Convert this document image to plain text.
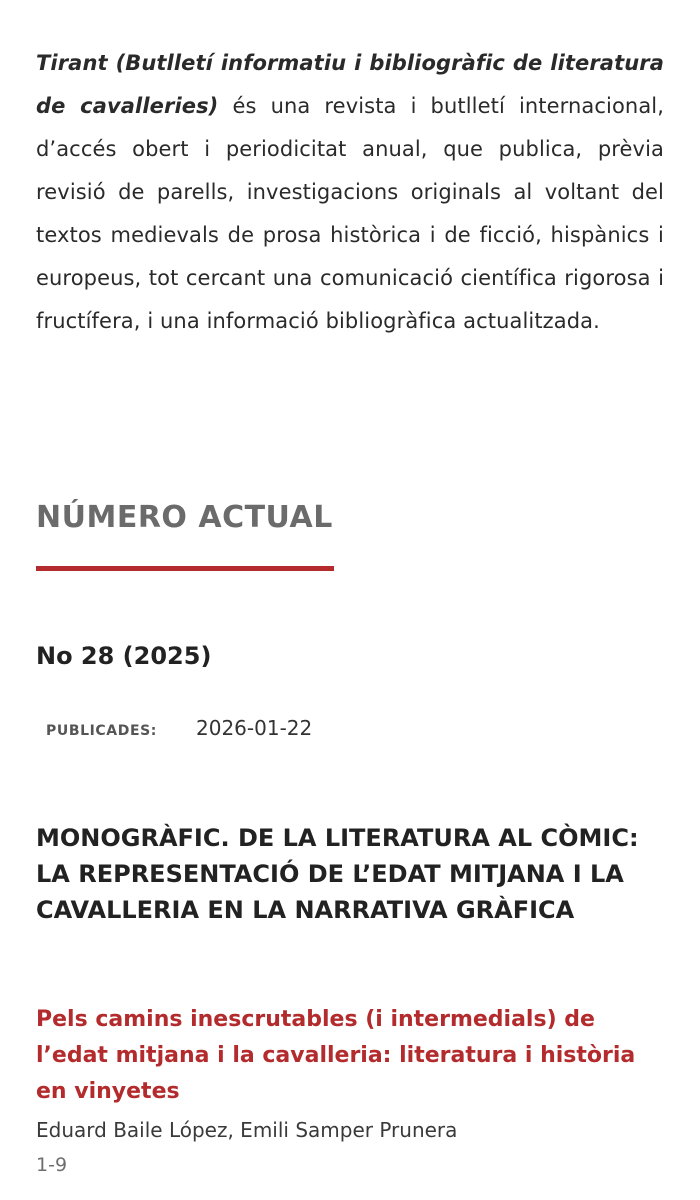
Tirant (Butlletí informatiu i bibliogràfic de literatura de cavalleries) és una revista i butlletí internacional, d’accés obert i periodicitat anual, que publica, prèvia revisió de parells, investigacions originals al voltant del textos medievals de prosa històrica i de ficció, hispànics i europeus, tot cercant una comunicació científica rigorosa i fructífera, i una informació bibliogràfica actualitzada.

NÚMERO ACTUAL
No 28 (2025)
PUBLICADES:	2026-01-22
MONOGRÀFIC. DE LA LITERATURA AL CÒMIC: LA REPRESENTACIÓ DE L’EDAT MITJANA I LA CAVALLERIA EN LA NARRATIVA GRÀFICA
Pels camins inescrutables (i intermedials) de l’edat mitjana i la cavalleria: literatura i història en vinyetes
Eduard Baile López, Emili Samper Prunera
1-9
